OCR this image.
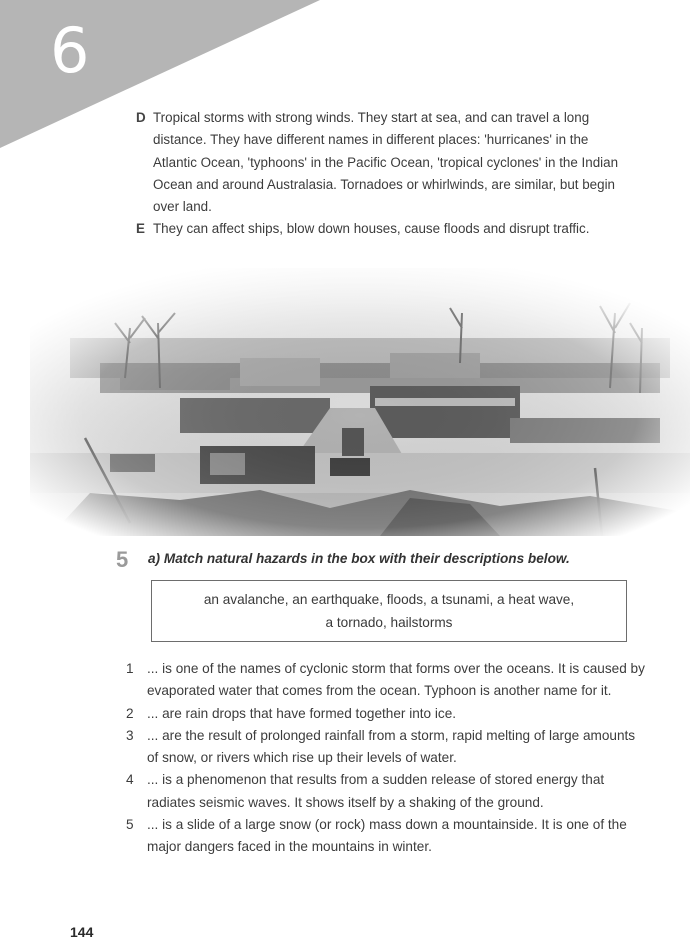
6
D Tropical storms with strong winds. They start at sea, and can travel a long distance. They have different names in different places: 'hurricanes' in the Atlantic Ocean, 'typhoons' in the Pacific Ocean, 'tropical cyclones' in the Indian Ocean and around Australasia. Tornadoes or whirlwinds, are similar, but begin over land.
E They can affect ships, blow down houses, cause floods and disrupt traffic.
5 a) Match natural hazards in the box with their descriptions below.
an avalanche, an earthquake, floods, a tsunami, a heat wave,
a tornado, hailstorms
1 ... is one of the names of cyclonic storm that forms over the oceans. It is caused by evaporated water that comes from the ocean. Typhoon is another name for it.
2 ... are rain drops that have formed together into ice.
3 ... are the result of prolonged rainfall from a storm, rapid melting of large amounts of snow, or rivers which rise up their levels of water.
4 ... is a phenomenon that results from a sudden release of stored energy that radiates seismic waves. It shows itself by a shaking of the ground.
5 ... is a slide of a large snow (or rock) mass down a mountainside. It is one of the major dangers faced in the mountains in winter.
144
